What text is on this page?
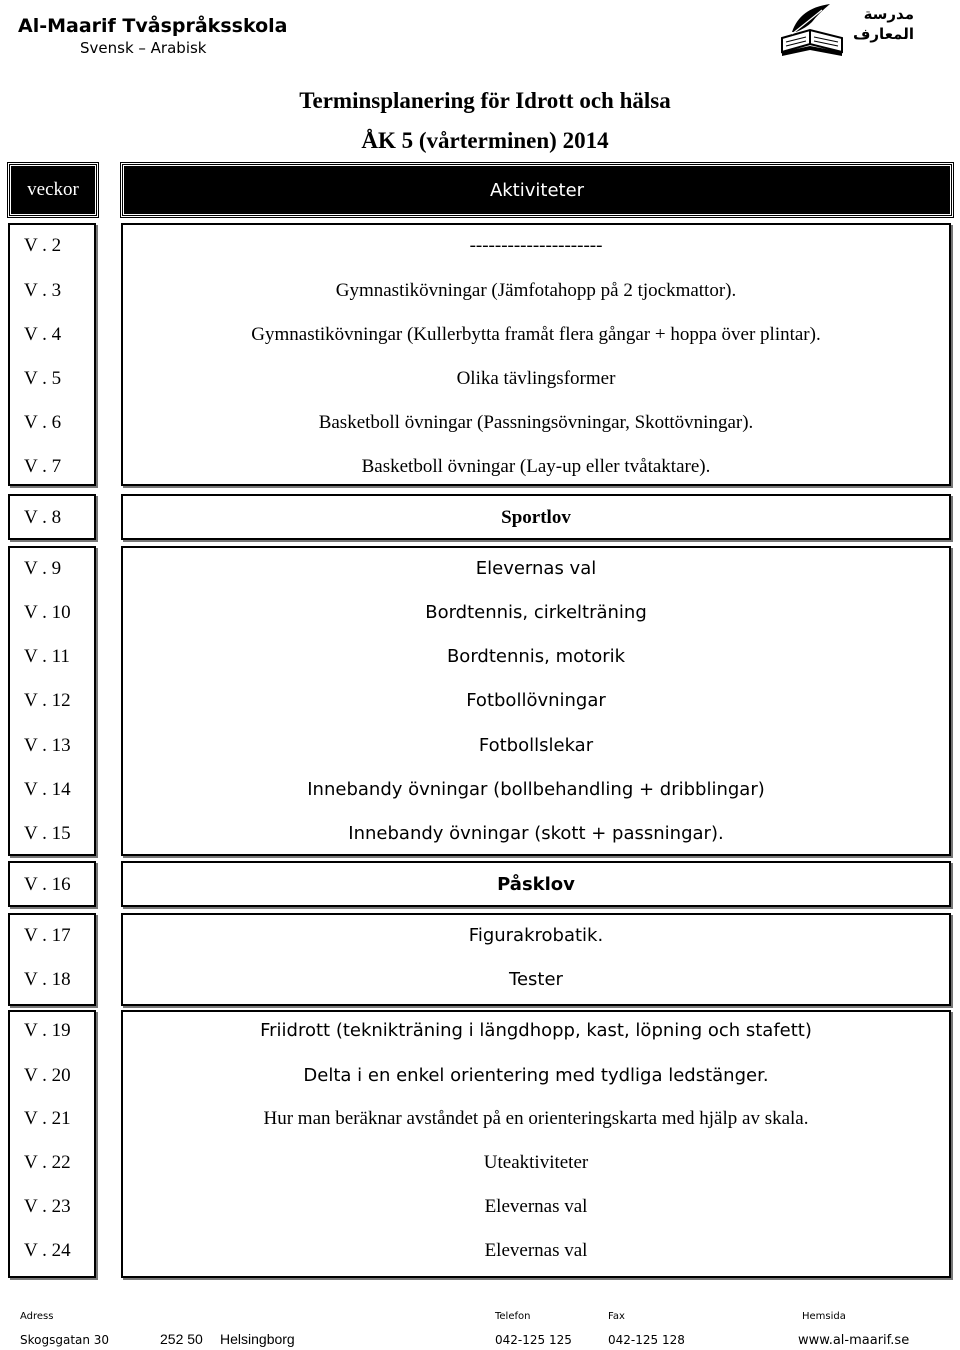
Al-Maarif Tvåspråksskola
Svensk – Arabisk
مدرسة
المعارف
Terminsplanering för Idrott och hälsa
ÅK 5 (vårterminen) 2014
veckor	Aktiviteter
V . 2	---------------------
V . 3	Gymnastikövningar (Jämfotahopp på 2 tjockmattor).
V . 4	Gymnastikövningar (Kullerbytta framåt flera gångar + hoppa över plintar).
V . 5	Olika tävlingsformer
V . 6	Basketboll övningar (Passningsövningar, Skottövningar).
V . 7	Basketboll övningar (Lay-up eller tvåtaktare).
V . 8	Sportlov
V . 9	Elevernas val
V . 10	Bordtennis, cirkelträning
V . 11	Bordtennis, motorik
V . 12	Fotbollövningar
V . 13	Fotbollslekar
V . 14	Innebandy övningar (bollbehandling + dribblingar)
V . 15	Innebandy övningar (skott + passningar).
V . 16	Påsklov
V . 17	Figurakrobatik.
V . 18	Tester
V . 19	Friidrott (teknikträning i längdhopp, kast, löpning och stafett)
V . 20	Delta i en enkel orientering med tydliga ledstänger.
V . 21	Hur man beräknar avståndet på en orienteringskarta med hjälp av skala.
V . 22	Uteaktiviteter
V . 23	Elevernas val
V . 24	Elevernas val
Adress	Telefon	Fax	Hemsida
Skogsgatan 30	252 50 Helsingborg	042-125 125	042-125 128	www.al-maarif.se
